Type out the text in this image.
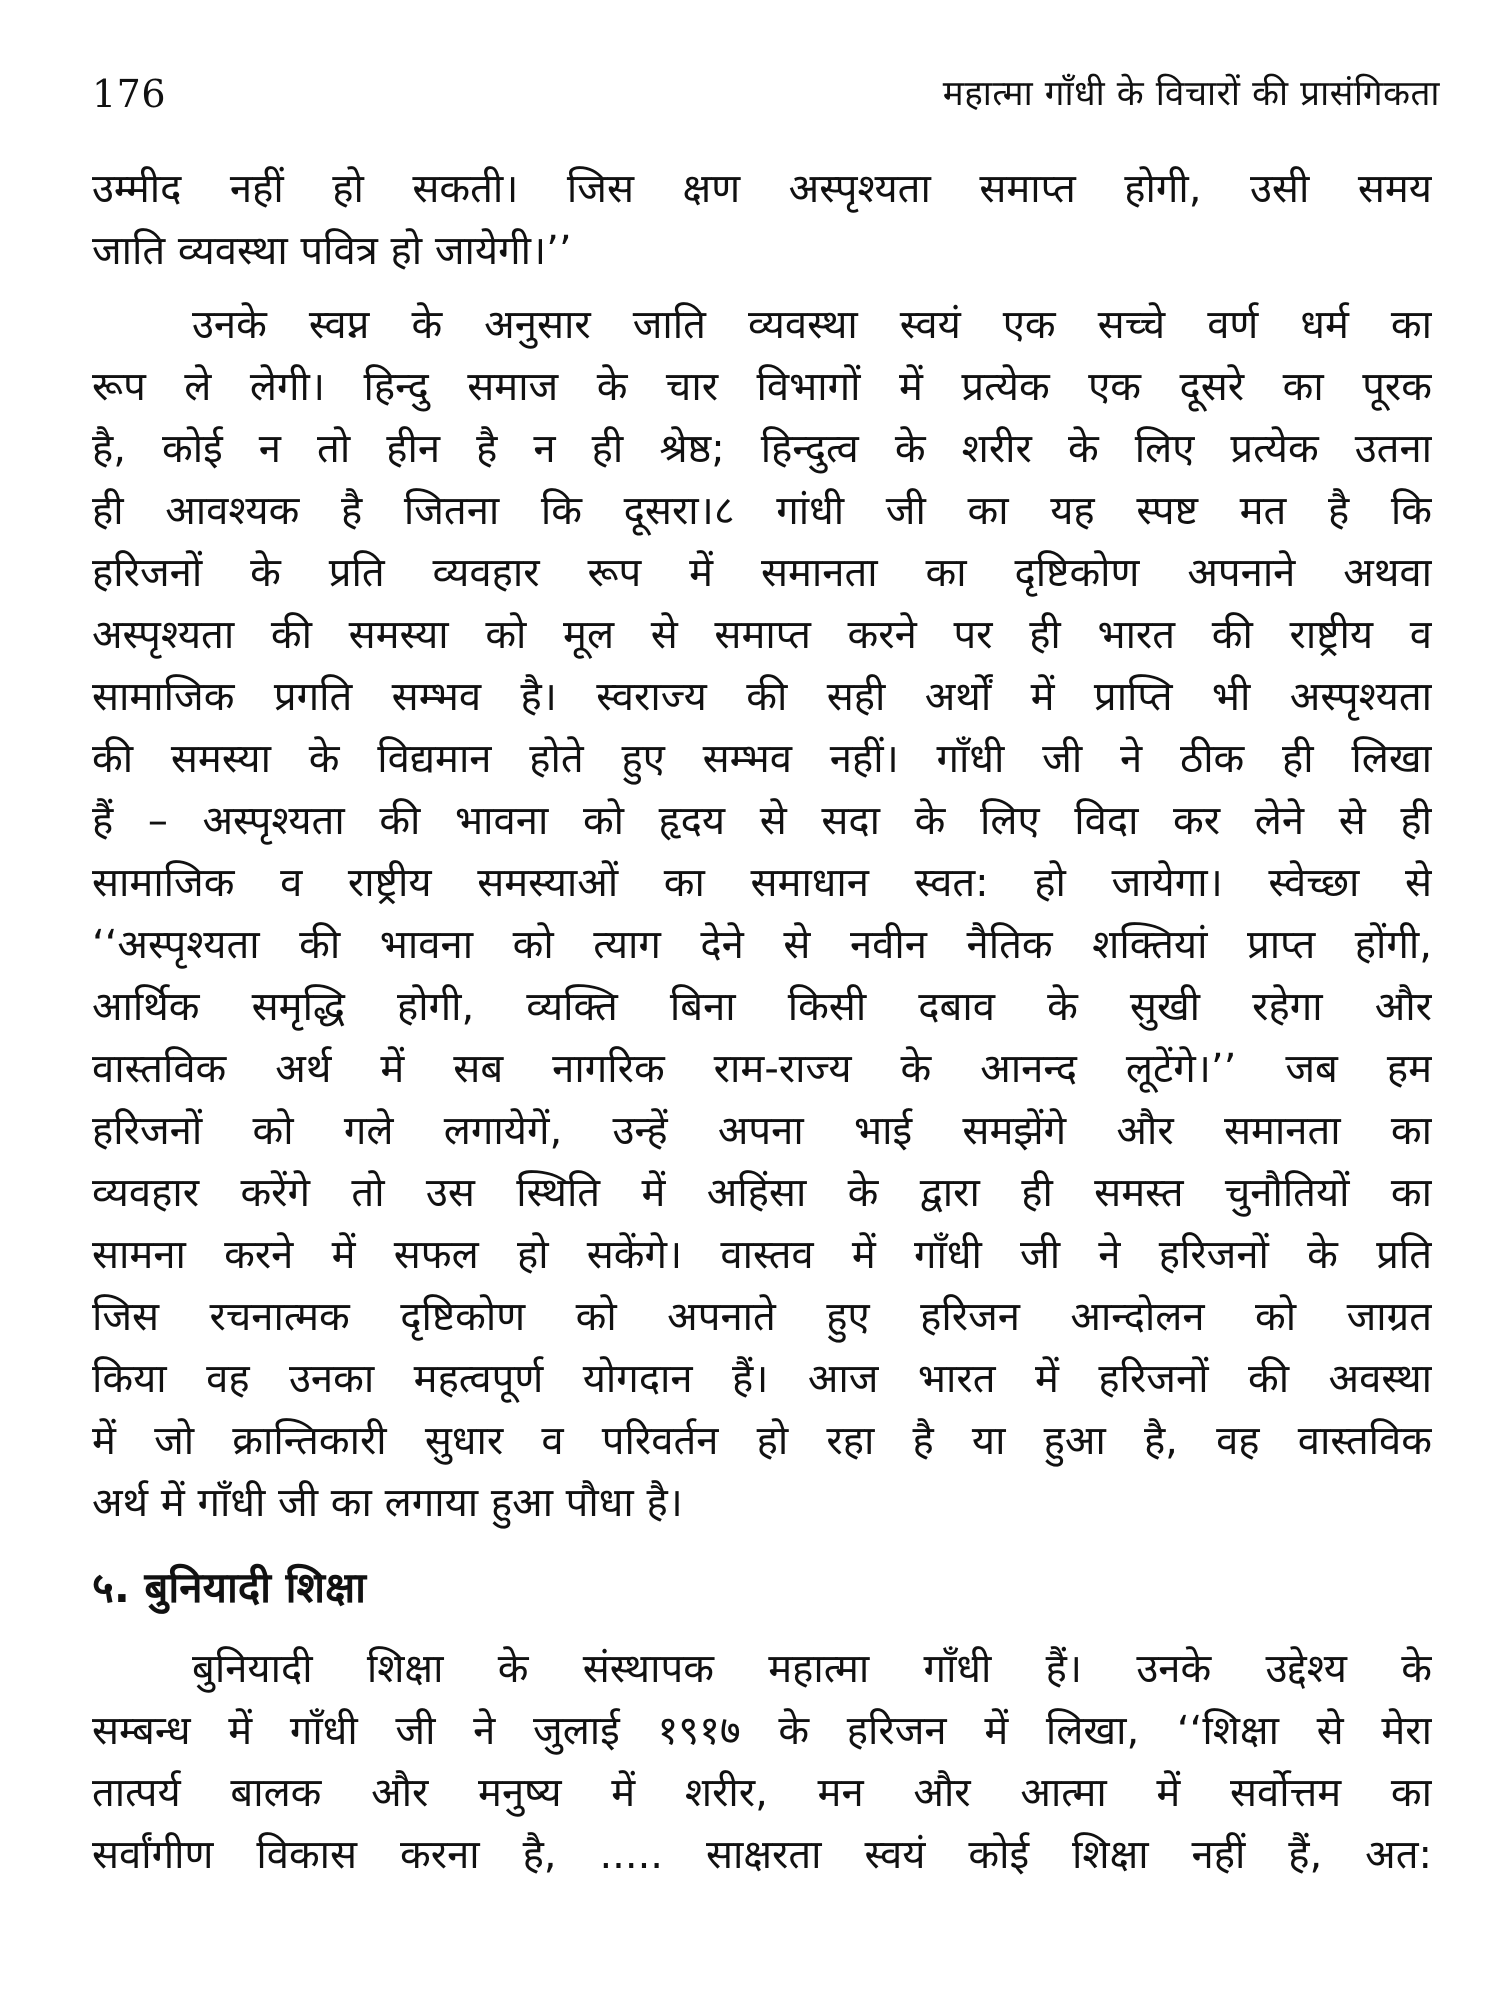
176	महात्मा गाँधी के विचारों की प्रासंगिकता
उम्मीद नहीं हो सकती। जिस क्षण अस्पृश्यता समाप्त होगी, उसी समय
जाति व्यवस्था पवित्र हो जायेगी।’’
उनके स्वप्न के अनुसार जाति व्यवस्था स्वयं एक सच्चे वर्ण धर्म का
रूप ले लेगी। हिन्दु समाज के चार विभागों में प्रत्येक एक दूसरे का पूरक
है, कोई न तो हीन है न ही श्रेष्ठ; हिन्दुत्व के शरीर के लिए प्रत्येक उतना
ही आवश्यक है जितना कि दूसरा।८ गांधी जी का यह स्पष्ट मत है कि
हरिजनों के प्रति व्यवहार रूप में समानता का दृष्टिकोण अपनाने अथवा
अस्पृश्यता की समस्या को मूल से समाप्त करने पर ही भारत की राष्ट्रीय व
सामाजिक प्रगति सम्भव है। स्वराज्य की सही अर्थों में प्राप्ति भी अस्पृश्यता
की समस्या के विद्यमान होते हुए सम्भव नहीं। गाँधी जी ने ठीक ही लिखा
हैं – अस्पृश्यता की भावना को हृदय से सदा के लिए विदा कर लेने से ही
सामाजिक व राष्ट्रीय समस्याओं का समाधान स्वत: हो जायेगा। स्वेच्छा से
‘‘अस्पृश्यता की भावना को त्याग देने से नवीन नैतिक शक्तियां प्राप्त होंगी,
आर्थिक समृद्धि होगी, व्यक्ति बिना किसी दबाव के सुखी रहेगा और
वास्तविक अर्थ में सब नागरिक राम-राज्य के आनन्द लूटेंगे।’’ जब हम
हरिजनों को गले लगायेगें, उन्हें अपना भाई समझेंगे और समानता का
व्यवहार करेंगे तो उस स्थिति में अहिंसा के द्वारा ही समस्त चुनौतियों का
सामना करने में सफल हो सकेंगे। वास्तव में गाँधी जी ने हरिजनों के प्रति
जिस रचनात्मक दृष्टिकोण को अपनाते हुए हरिजन आन्दोलन को जाग्रत
किया वह उनका महत्वपूर्ण योगदान हैं। आज भारत में हरिजनों की अवस्था
में जो क्रान्तिकारी सुधार व परिवर्तन हो रहा है या हुआ है, वह वास्तविक
अर्थ में गाँधी जी का लगाया हुआ पौधा है।
५. बुनियादी शिक्षा
बुनियादी शिक्षा के संस्थापक महात्मा गाँधी हैं। उनके उद्देश्य के
सम्बन्ध में गाँधी जी ने जुलाई १९१७ के हरिजन में लिखा, ‘‘शिक्षा से मेरा
तात्पर्य बालक और मनुष्य में शरीर, मन और आत्मा में सर्वोत्तम का
सर्वांगीण विकास करना है, ..... साक्षरता स्वयं कोई शिक्षा नहीं हैं, अत:
